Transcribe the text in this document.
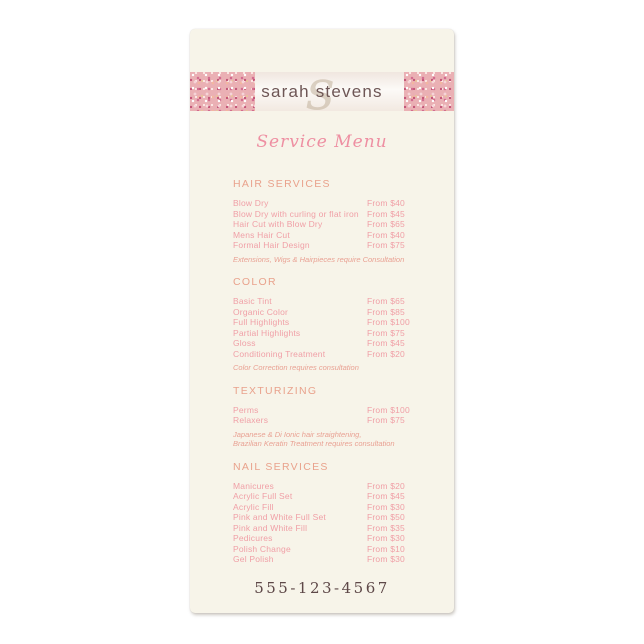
s
sarah stevens
Service Menu
HAIR SERVICES
Blow Dry	From $40
Blow Dry with curling or flat iron From $45
Hair Cut with Blow Dry	From $65
Mens Hair Cut	From $40
Formal Hair Design	From $75
Extensions, Wigs & Hairpieces require Consultation
COLOR
Basic Tint	From $65
Organic Color	From $85
Full Highlights	From $100
Partial Highlights	From $75
Gloss	From $45
Conditioning Treatment	From $20
Color Correction requires consultation
TEXTURIZING
Perms	From $100
Relaxers	From $75
Japanese & Di Ionic hair straightening,
Brazilian Keratin Treatment requires consultation
NAIL SERVICES
Manicures	From $20
Acrylic Full Set	From $45
Acrylic Fill	From $30
Pink and White Full Set	From $50
Pink and White Fill	From $35
Pedicures	From $30
Polish Change	From $10
Gel Polish	From $30
555-123-4567
